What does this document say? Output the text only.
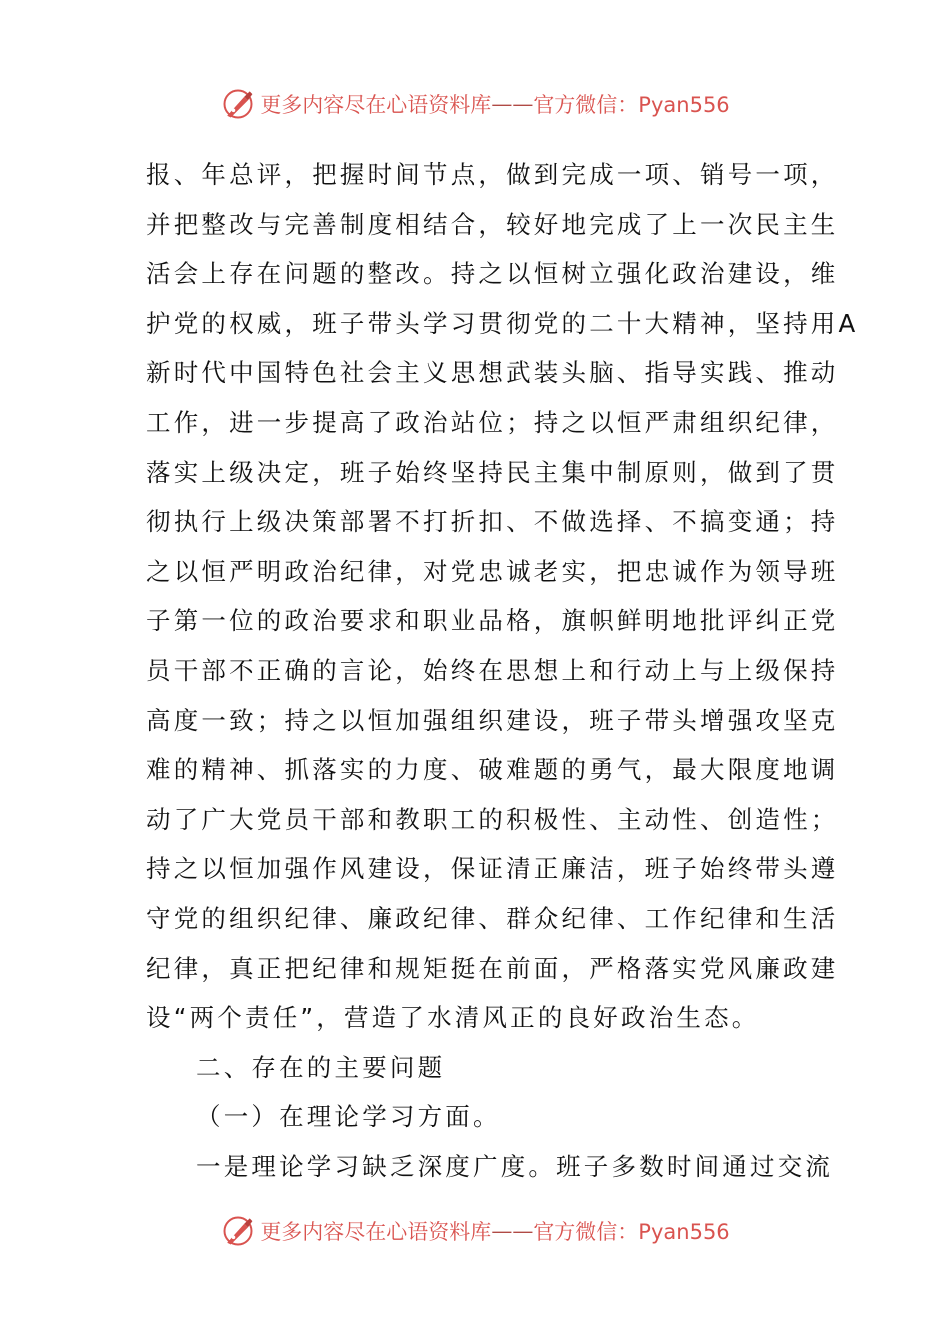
更多内容尽在心语资料库 —— 官方微信：Pyan556
报、年总评，把握时间节点，做到完成一项、销号一项，
并把整改与完善制度相结合，较好地完成了上一次民主生
活会上存在问题的整改。持之以恒树立强化政治建设，维
护党的权威，班子带头学习贯彻党的二十大精神，坚持用A
新时代中国特色社会主义思想武装头脑、指导实践、推动
工作，进一步提高了政治站位；持之以恒严肃组织纪律，
落实上级决定，班子始终坚持民主集中制原则，做到了贯
彻执行上级决策部署不打折扣、不做选择、不搞变通；持
之以恒严明政治纪律，对党忠诚老实，把忠诚作为领导班
子第一位的政治要求和职业品格，旗帜鲜明地批评纠正党
员干部不正确的言论，始终在思想上和行动上与上级保持
高度一致；持之以恒加强组织建设，班子带头增强攻坚克
难的精神、抓落实的力度、破难题的勇气，最大限度地调
动了广大党员干部和教职工的积极性、主动性、创造性；
持之以恒加强作风建设，保证清正廉洁，班子始终带头遵
守党的组织纪律、廉政纪律、群众纪律、工作纪律和生活
纪律，真正把纪律和规矩挺在前面，严格落实党风廉政建
设“两个责任”，营造了水清风正的良好政治生态。
二、存在的主要问题
（一）在理论学习方面。
一是理论学习缺乏深度广度。班子多数时间通过交流
更多内容尽在心语资料库 —— 官方微信：Pyan556
